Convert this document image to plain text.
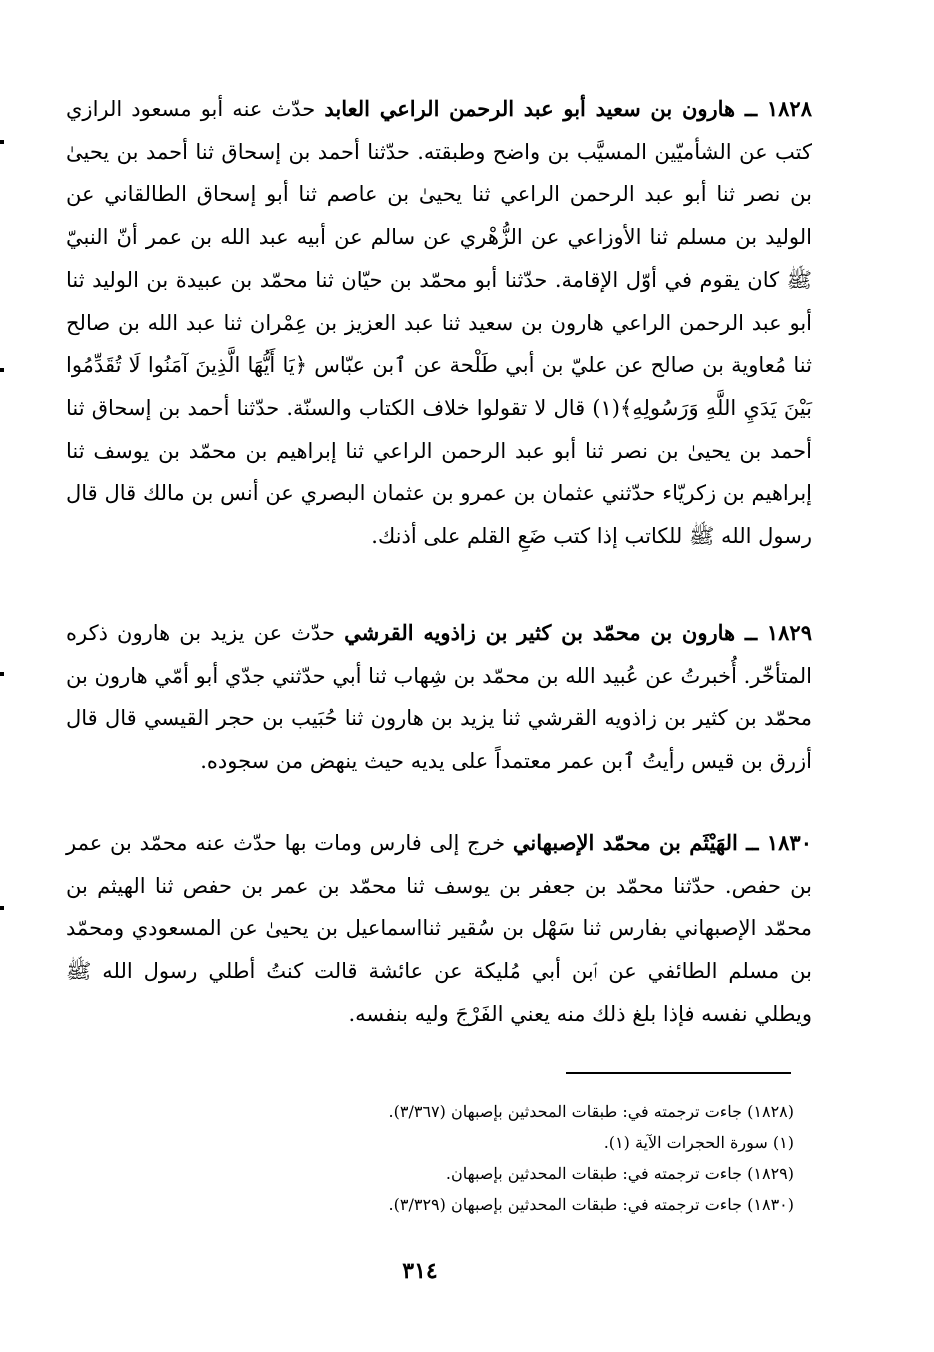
١٨٢٨ ــ هارون بن سعيد أبو عبد الرحمن الراعي العابد حدّث عنه أبو مسعود الرازي كتب عن الشأميّين المسيَّب بن واضح وطبقته. حدّثنا أحمد بن إسحاق ثنا أحمد بن يحيىٰ بن نصر ثنا أبو عبد الرحمن الراعي ثنا يحيىٰ بن عاصم ثنا أبو إسحاق الطالقاني عن الوليد بن مسلم ثنا الأوزاعي عن الزُّهْري عن سالم عن أبيه عبد الله بن عمر أنّ النبيّ ﷺ كان يقوم في أوّل الإقامة. حدّثنا أبو محمّد بن حيّان ثنا محمّد بن عبيدة بن الوليد ثنا أبو عبد الرحمن الراعي هارون بن سعيد ثنا عبد العزيز بن عِمْران ثنا عبد الله بن صالح ثنا مُعاوية بن صالح عن عليّ بن أبي طَلْحة عن ٱبن عبّاس ﴿يَا أَيُّهَا الَّذِينَ آمَنُوا لَا تُقَدِّمُوا بَيْنَ يَدَيِ اللَّهِ وَرَسُولِهِ﴾(١) قال لا تقولوا خلاف الكتاب والسنّة. حدّثنا أحمد بن إسحاق ثنا أحمد بن يحيىٰ بن نصر ثنا أبو عبد الرحمن الراعي ثنا إبراهيم بن محمّد بن يوسف ثنا إبراهيم بن زكريّاء حدّثني عثمان بن عمرو بن عثمان البصري عن أنس بن مالك قال قال رسول الله ﷺ للكاتب إذا كتب ضَعِ القلم على أذنك.
١٨٢٩ ــ هارون بن محمّد بن كثير بن زاذويه القرشي حدّث عن يزيد بن هارون ذكره المتأخّر. أُخبرتُ عن عُبيد الله بن محمّد بن شِهاب ثنا أبي حدّثني جدّي أبو أمّي هارون بن محمّد بن كثير بن زاذويه القرشي ثنا يزيد بن هارون ثنا حُبَيب بن حجر القيسي قال قال أزرق بن قيس رأيتُ ٱبن عمر معتمداً على يديه حيث ينهض من سجوده.
١٨٣٠ ــ الهَيْثَم بن محمّد الإصبهاني خرج إلى فارس ومات بها حدّث عنه محمّد بن عمر بن حفص. حدّثنا محمّد بن جعفر بن يوسف ثنا محمّد بن عمر بن حفص ثنا الهيثم بن محمّد الإصبهاني بفارس ثنا سَهْل بن سُقير ثنااسماعيل بن يحيىٰ عن المسعودي ومحمّد بن مسلم الطائفي عن ٱبن أبي مُليكة عن عائشة قالت كنتُ أطلي رسول الله ﷺ ويطلي نفسه فإذا بلغ ذلك منه يعني الفَرْجَ وليه بنفسه.
(١٨٢٨) جاءت ترجمته في: طبقات المحدثين بإصبهان (٣/٣٦٧).
(١) سورة الحجرات الآية (١).
(١٨٢٩) جاءت ترجمته في: طبقات المحدثين بإصبهان.
(١٨٣٠) جاءت ترجمته في: طبقات المحدثين بإصبهان (٣/٣٢٩).
٣١٤
